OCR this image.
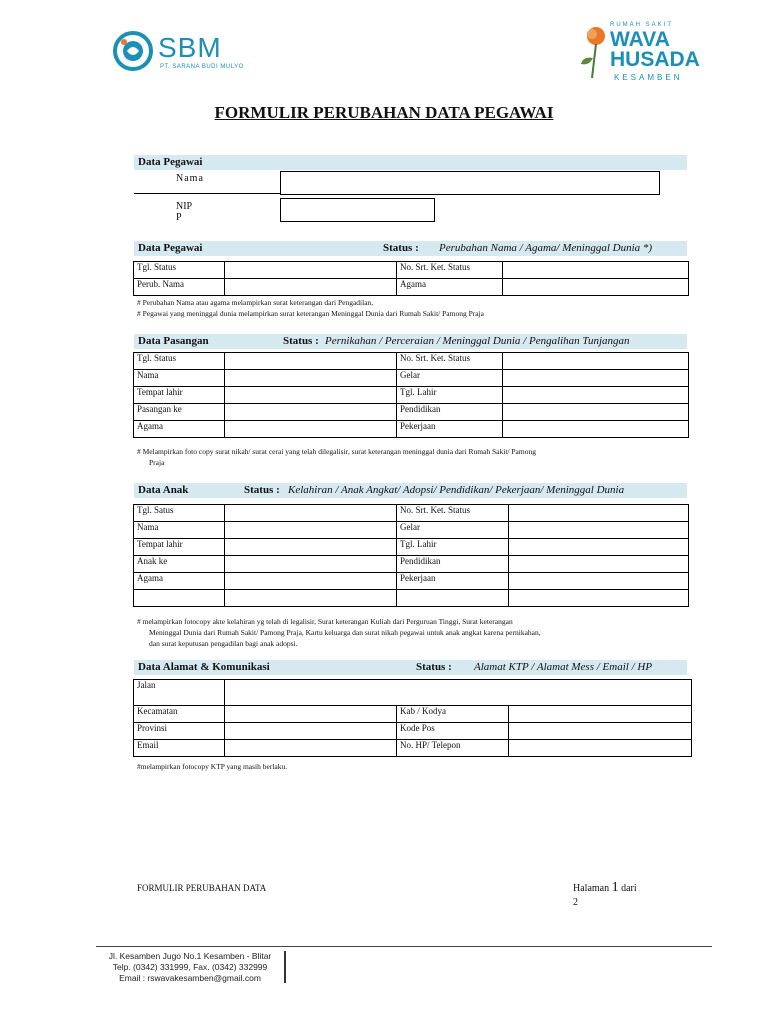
SBM
PT. SARANA BUDI MULYO
RUMAH SAKIT
WAVA
HUSADA
KESAMBEN
FORMULIR PERUBAHAN DATA PEGAWAI
Data Pegawai
Nama
NIP
P
Data Pegawai	Status : Perubahan Nama / Agama/ Meninggal Dunia *)
Tgl. Status		No. Srt. Ket. Status	
Perub. Nama		Agama	
# Perubahan Nama atau agama melampirkan surat keterangan dari Pengadilan,
# Pegawai yang meninggal dunia melampirkan surat keterangan Meninggal Dunia dari Rumah Sakit/ Pamong Praja
Data Pasangan	Status : Pernikahan / Perceraian / Meninggal Dunia / Pengalihan Tunjangan
Tgl. Status		No. Srt. Ket. Status	
Nama		Gelar	
Tempat lahir		Tgl. Lahir	
Pasangan ke		Pendidikan	
Agama		Pekerjaan	
# Melampirkan foto copy surat nikah/ surat cerai yang telah dilegalisir, surat keterangan meninggal dunia dari Rumah Sakit/ Pamong
Praja
Data Anak	Status : Kelahiran / Anak Angkat/ Adopsi/ Pendidikan/ Pekerjaan/ Meninggal Dunia
Tgl. Satus		No. Srt. Ket. Status	
Nama		Gelar	
Tempat lahir		Tgl. Lahir	
Anak ke		Pendidikan	
Agama		Pekerjaan	

# melampirkan fotocopy akte kelahiran yg telah di legalisir, Surat keterangan Kuliah dari Perguruan Tinggi, Surat keterangan
Meninggal Dunia dari Rumah Sakit/ Pamong Praja, Kartu keluarga dan surat nikah pegawai untuk anak angkat karena pernikahan,
dan surat keputusan pengadilan bagi anak adopsi.
Data Alamat & Komunikasi	Status : Alamat KTP / Alamat Mess / Email / HP
Jalan			
Kecamatan		Kab / Kodya	
Provinsi		Kode Pos	
Email		No. HP/ Telepon	
#melampirkan fotocopy KTP yang masih berlaku.
FORMULIR PERUBAHAN DATA	Halaman 1 dari
2
Jl. Kesamben Jugo No.1 Kesamben - Blitar
Telp. (0342) 331999, Fax. (0342) 332999
Email : rswavakesamben@gmail.com
